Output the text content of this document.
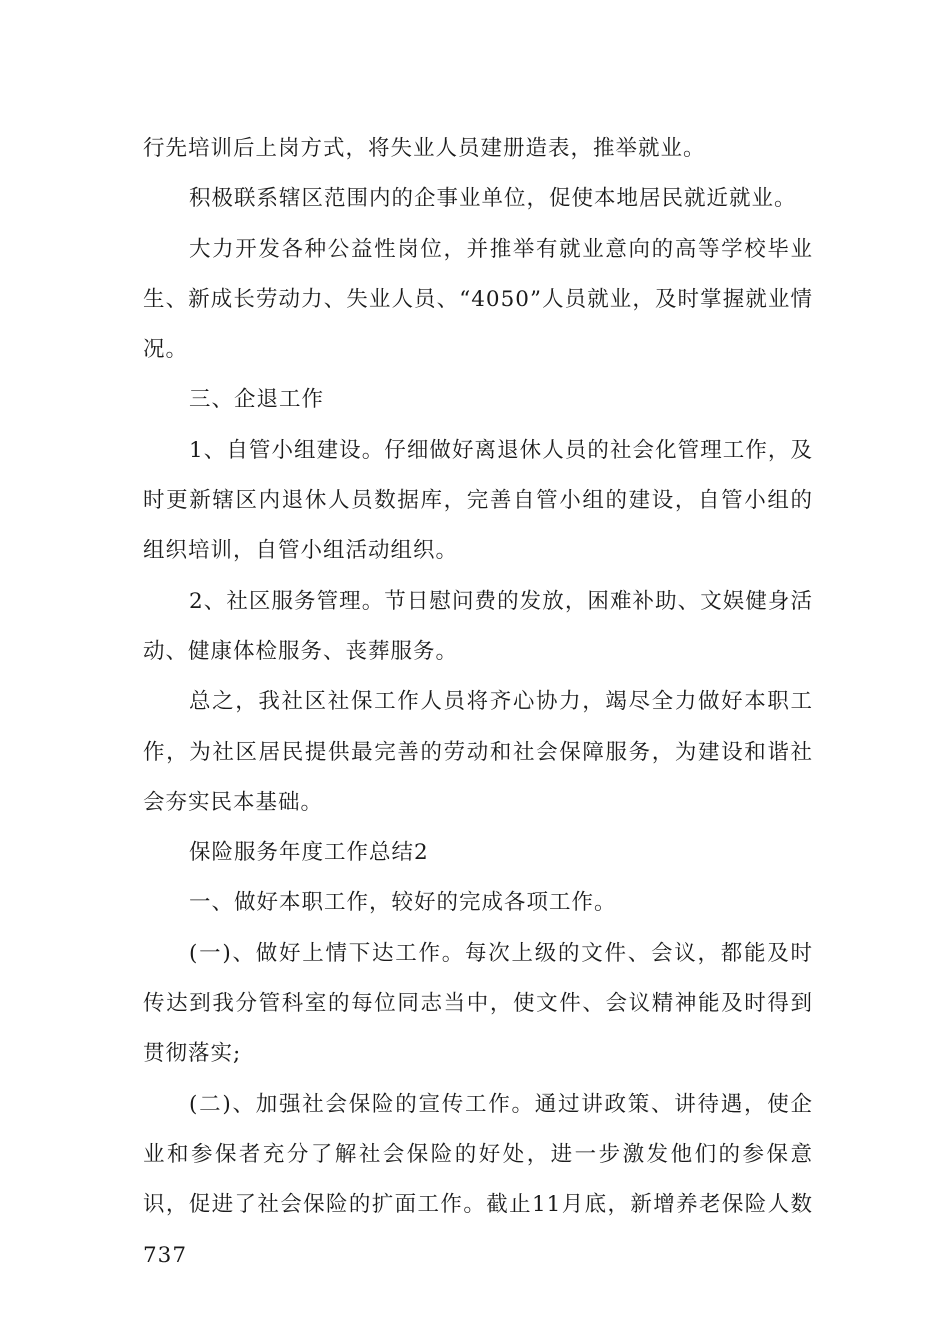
行先培训后上岗方式，将失业人员建册造表，推举就业。

积极联系辖区范围内的企事业单位，促使本地居民就近就业。

大力开发各种公益性岗位，并推举有就业意向的高等学校毕业生、新成长劳动力、失业人员、“4050”人员就业，及时掌握就业情况。

三、企退工作

1、自管小组建设。仔细做好离退休人员的社会化管理工作，及时更新辖区内退休人员数据库，完善自管小组的建设，自管小组的组织培训，自管小组活动组织。

2、社区服务管理。节日慰问费的发放，困难补助、文娱健身活动、健康体检服务、丧葬服务。

总之，我社区社保工作人员将齐心协力，竭尽全力做好本职工作，为社区居民提供最完善的劳动和社会保障服务，为建设和谐社会夯实民本基础。

保险服务年度工作总结2

一、做好本职工作，较好的完成各项工作。

(一)、做好上情下达工作。每次上级的文件、会议，都能及时传达到我分管科室的每位同志当中，使文件、会议精神能及时得到贯彻落实;

(二)、加强社会保险的宣传工作。通过讲政策、讲待遇，使企业和参保者充分了解社会保险的好处，进一步激发他们的参保意识，促进了社会保险的扩面工作。截止11月底，新增养老保险人数737
